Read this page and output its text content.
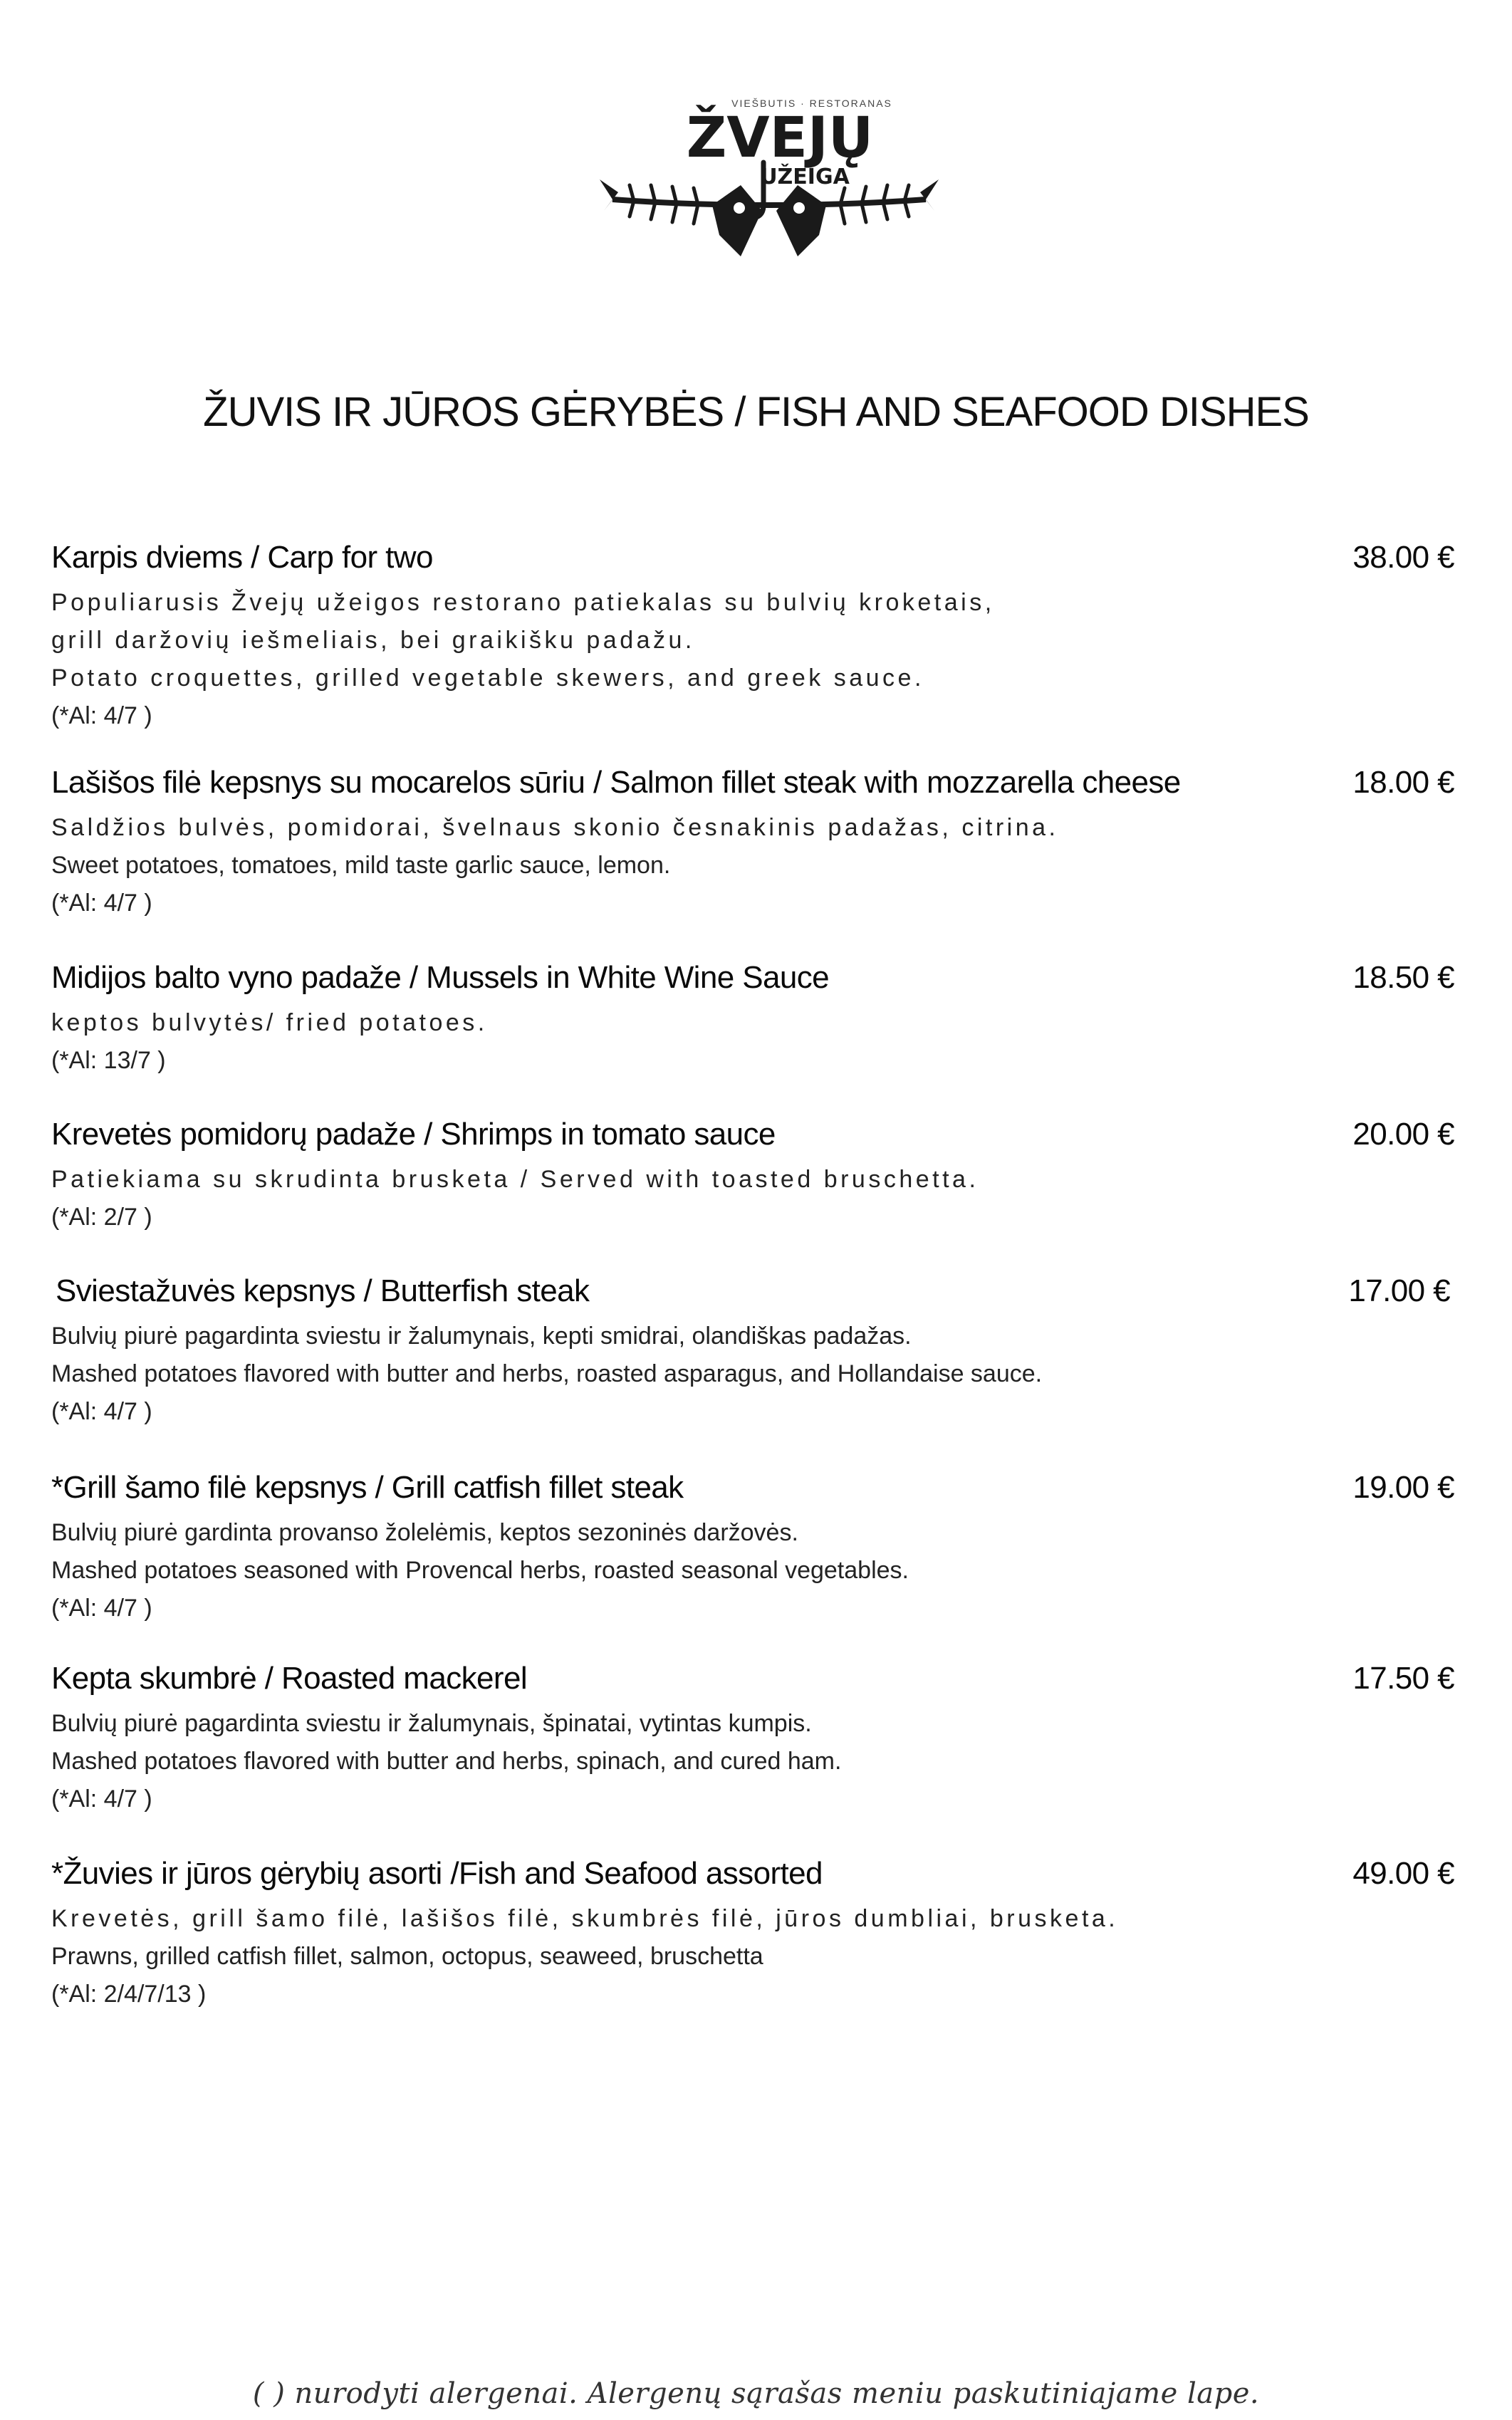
VIEŠBUTIS · RESTORANAS
ŽVEJŲ
UŽEIGA
ŽUVIS IR JŪROS GĖRYBĖS / FISH AND SEAFOOD DISHES
Karpis dviems / Carp for two	38.00 €
Populiarusis Žvejų užeigos restorano patiekalas su bulvių kroketais,
grill daržovių iešmeliais, bei graikišku padažu.
Potato croquettes, grilled vegetable skewers, and greek sauce.
(*Al: 4/7 )
Lašišos filė kepsnys su mocarelos sūriu / Salmon fillet steak with mozzarella cheese	18.00 €
Saldžios bulvės, pomidorai, švelnaus skonio česnakinis padažas, citrina.
Sweet potatoes, tomatoes, mild taste garlic sauce, lemon.
(*Al: 4/7 )
Midijos balto vyno padaže / Mussels in White Wine Sauce	18.50 €
keptos bulvytės/ fried potatoes.
(*Al: 13/7 )
Krevetės pomidorų padaže / Shrimps in tomato sauce	20.00 €
Patiekiama su skrudinta brusketa / Served with toasted bruschetta.
(*Al: 2/7 )
Sviestažuvės kepsnys / Butterfish steak	17.00 €
Bulvių piurė pagardinta sviestu ir žalumynais, kepti smidrai, olandiškas padažas.
Mashed potatoes flavored with butter and herbs, roasted asparagus, and Hollandaise sauce.
(*Al: 4/7 )
*Grill šamo filė kepsnys / Grill catfish fillet steak	19.00 €
Bulvių piurė gardinta provanso žolelėmis, keptos sezoninės daržovės.
Mashed potatoes seasoned with Provencal herbs, roasted seasonal vegetables.
(*Al: 4/7 )
Kepta skumbrė / Roasted mackerel	17.50 €
Bulvių piurė pagardinta sviestu ir žalumynais, špinatai, vytintas kumpis.
Mashed potatoes flavored with butter and herbs, spinach, and cured ham.
(*Al: 4/7 )
*Žuvies ir jūros gėrybių asorti /Fish and Seafood assorted	49.00 €
Krevetės, grill šamo filė, lašišos filė, skumbrės filė, jūros dumbliai, brusketa.
Prawns, grilled catfish fillet, salmon, octopus, seaweed, bruschetta
(*Al: 2/4/7/13 )
( ) nurodyti alergenai. Alergenų sąrašas meniu paskutiniajame lape.
